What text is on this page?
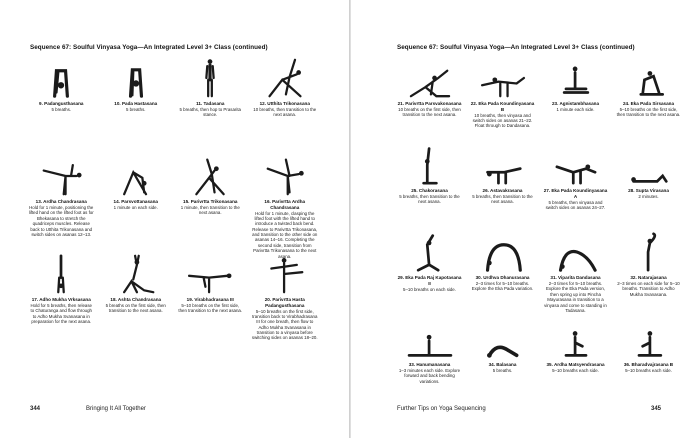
Sequence 67: Soulful Vinyasa Yoga—An Integrated Level 3+ Class (continued)
9. Padangusthasana
5 breaths.
10. Pada Hastasana
5 breaths.
11. Tadasana
5 breaths, then hop to Prasarita stance.
12. Utthita Trikonasana
10 breaths, then transition to the next asana.
13. Ardha Chandrasana
Hold for 1 minute, positioning the lifted hand on the lifted foot as for Bhekasana to stretch the quadriceps muscles. Release back to Utthita Trikonasana and switch sides on asanas 12–13.
14. Parsvottanasana
1 minute on each side.
15. Parivrtta Trikonasana
1 minute, then transition to the next asana.
16. Parivrtta Ardha Chandrasana
Hold for 1 minute, clasping the lifted foot with the lifted hand to introduce a twisted back bend. Release to Parivrtta Trikonasana, and transition to the other side on asanas 14–16. Completing the second side, transition from Parivrtta Trikonasana to the next asana.
17. Adho Mukha Vrksasana
Hold for 5 breaths, then release to Chaturanga and flow through to Adho Mukha Svanasana in preparation for the next asana.
18. Ashta Chandrasana
5 breaths on the first side, then transition to the next asana.
19. Virabhadrasana III
5–10 breaths on the first side, then transition to the next asana.
20. Parivrtta Hasta Padangusthasana
5–10 breaths on the first side, transition back to Virabhadrasana III for one breath, then flow to Adho Mukha Svanasana in transition to a vinyasa before switching sides on asanas 18–20.
344	Bringing It All Together
Sequence 67: Soulful Vinyasa Yoga—An Integrated Level 3+ Class (continued)
21. Parivrtta Parsvakonasana
10 breaths on the first side, then transition to the next asana.
22. Eka Pada Koundinyasana B
10 breaths, then vinyasa and switch sides on asanas 21–22. Float through to Dandasana.
23. Agnistambhasana
1 minute each side.
24. Eka Pada Sirsasana
5–10 breaths on the first side, then transition to the next asana.
25. Chakorasana
5 breaths, then transition to the next asana.
26. Astavakrasana
5 breaths, then transition to the next asana.
27. Eka Pada Koundinyasana A
5 breaths, then vinyasa and switch sides on asanas 24–27.
28. Supta Virasana
2 minutes.
29. Eka Pada Raj Kapotasana II
5–10 breaths on each side.
30. Urdhva Dhanurasana
2–3 times for 5–10 breaths. Explore the Eka Pada variation.
31. Viparita Dandasana
2–3 times for 5–10 breaths. Explore the Eka Pada version, then spring up into Pincha Mayurasana in transition to a vinyasa and come to standing in Tadasana.
32. Natarajasana
2–3 times on each side for 5–10 breaths. Transition to Adho Mukha Svanasana.
33. Hanumanasana
1–3 minutes each side. Explore forward and back bending variations.
34. Balasana
5 breaths.
35. Ardha Matsyendrasana
5–10 breaths each side.
36. Bharadvajrasana B
5–10 breaths each side.
Further Tips on Yoga Sequencing	345
